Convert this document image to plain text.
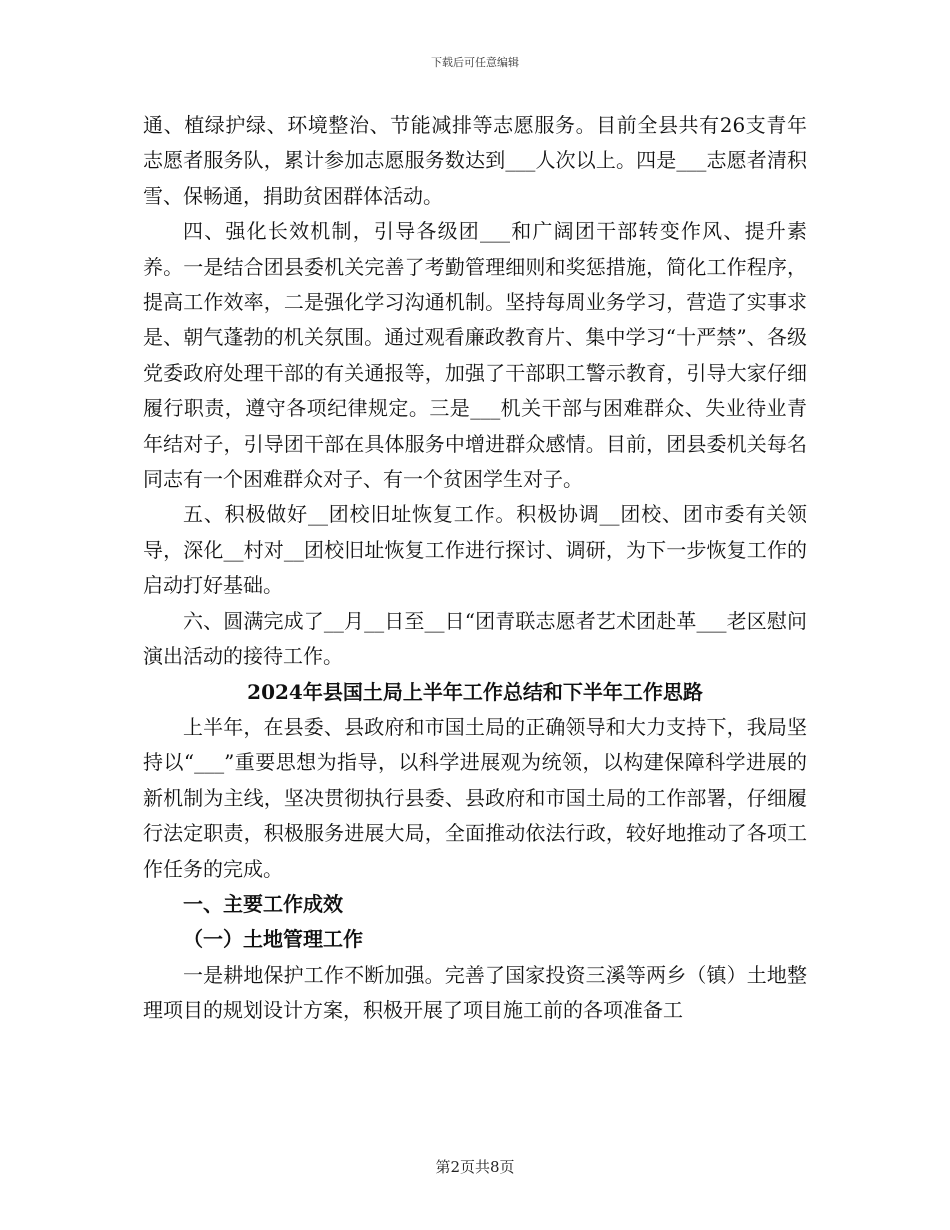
下载后可任意编辑

通、植绿护绿、环境整治、节能减排等志愿服务。目前全县共有26支青年志愿者服务队，累计参加志愿服务数达到___人次以上。四是___志愿者清积雪、保畅通，捐助贫困群体活动。

四、强化长效机制，引导各级团___和广阔团干部转变作风、提升素养。一是结合团县委机关完善了考勤管理细则和奖惩措施，简化工作程序，提高工作效率，二是强化学习沟通机制。坚持每周业务学习，营造了实事求是、朝气蓬勃的机关氛围。通过观看廉政教育片、集中学习“十严禁”、各级党委政府处理干部的有关通报等，加强了干部职工警示教育，引导大家仔细履行职责，遵守各项纪律规定。三是___机关干部与困难群众、失业待业青年结对子，引导团干部在具体服务中增进群众感情。目前，团县委机关每名同志有一个困难群众对子、有一个贫困学生对子。

五、积极做好__团校旧址恢复工作。积极协调__团校、团市委有关领导，深化__村对__团校旧址恢复工作进行探讨、调研，为下一步恢复工作的启动打好基础。

六、圆满完成了__月__日至__日“团青联志愿者艺术团赴革___老区慰问演出活动的接待工作。

2024年县国土局上半年工作总结和下半年工作思路

上半年，在县委、县政府和市国土局的正确领导和大力支持下，我局坚持以“___”重要思想为指导，以科学进展观为统领，以构建保障科学进展的新机制为主线，坚决贯彻执行县委、县政府和市国土局的工作部署，仔细履行法定职责，积极服务进展大局，全面推动依法行政，较好地推动了各项工作任务的完成。

一、主要工作成效
（一）土地管理工作

一是耕地保护工作不断加强。完善了国家投资三溪等两乡（镇）土地整理项目的规划设计方案，积极开展了项目施工前的各项准备工

第2页共8页
